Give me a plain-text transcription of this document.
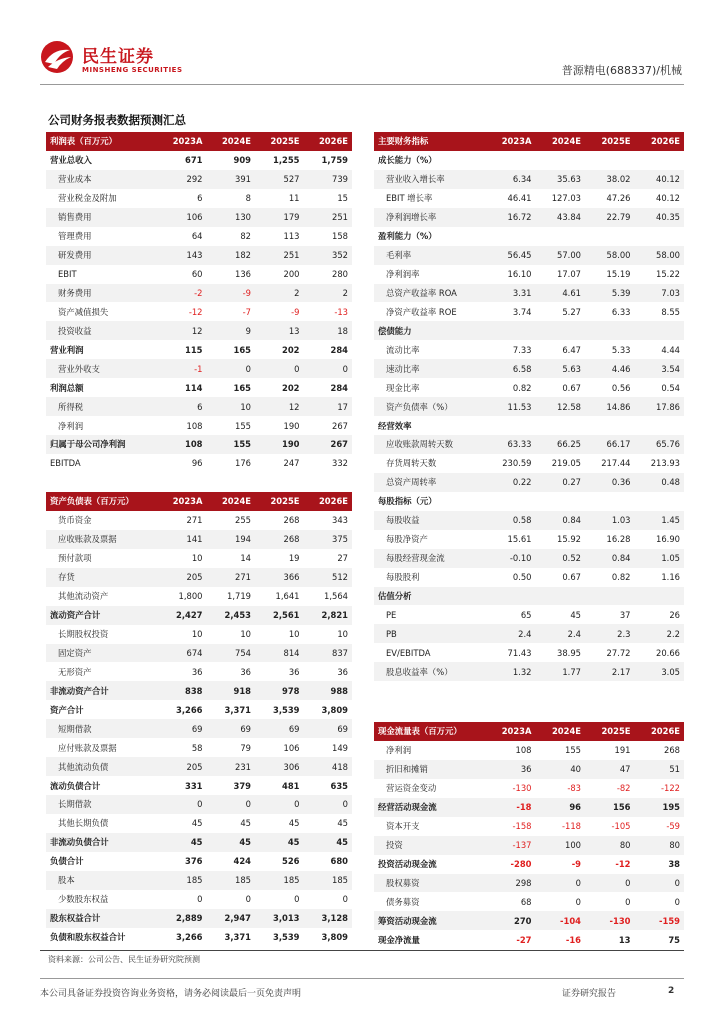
民生证券
MINSHENG SECURITIES	普源精电(688337)/机械
公司财务报表数据预测汇总
利润表（百万元）	2023A	2024E	2025E	2026E
营业总收入	671	909	1,255	1,759
营业成本	292	391	527	739
营业税金及附加	6	8	11	15
销售费用	106	130	179	251
管理费用	64	82	113	158
研发费用	143	182	251	352
EBIT	60	136	200	280
财务费用	-2	-9	2	2
资产减值损失	-12	-7	-9	-13
投资收益	12	9	13	18
营业利润	115	165	202	284
营业外收支	-1	0	0	0
利润总额	114	165	202	284
所得税	6	10	12	17
净利润	108	155	190	267
归属于母公司净利润	108	155	190	267
EBITDA	96	176	247	332
主要财务指标	2023A	2024E	2025E	2026E
成长能力（%）				
营业收入增长率	6.34	35.63	38.02	40.12
EBIT 增长率	46.41	127.03	47.26	40.12
净利润增长率	16.72	43.84	22.79	40.35
盈利能力（%）				
毛利率	56.45	57.00	58.00	58.00
净利润率	16.10	17.07	15.19	15.22
总资产收益率 ROA	3.31	4.61	5.39	7.03
净资产收益率 ROE	3.74	5.27	6.33	8.55
偿债能力				
流动比率	7.33	6.47	5.33	4.44
速动比率	6.58	5.63	4.46	3.54
现金比率	0.82	0.67	0.56	0.54
资产负债率（%）	11.53	12.58	14.86	17.86
经营效率				
应收账款周转天数	63.33	66.25	66.17	65.76
存货周转天数	230.59	219.05	217.44	213.93
总资产周转率	0.22	0.27	0.36	0.48
每股指标（元）				
每股收益	0.58	0.84	1.03	1.45
每股净资产	15.61	15.92	16.28	16.90
每股经营现金流	-0.10	0.52	0.84	1.05
每股股利	0.50	0.67	0.82	1.16
估值分析				
PE	65	45	37	26
PB	2.4	2.4	2.3	2.2
EV/EBITDA	71.43	38.95	27.72	20.66
股息收益率（%）	1.32	1.77	2.17	3.05
资产负债表（百万元）	2023A	2024E	2025E	2026E
货币资金	271	255	268	343
应收账款及票据	141	194	268	375
预付款项	10	14	19	27
存货	205	271	366	512
其他流动资产	1,800	1,719	1,641	1,564
流动资产合计	2,427	2,453	2,561	2,821
长期股权投资	10	10	10	10
固定资产	674	754	814	837
无形资产	36	36	36	36
非流动资产合计	838	918	978	988
资产合计	3,266	3,371	3,539	3,809
短期借款	69	69	69	69
应付账款及票据	58	79	106	149
其他流动负债	205	231	306	418
流动负债合计	331	379	481	635
长期借款	0	0	0	0
其他长期负债	45	45	45	45
非流动负债合计	45	45	45	45
负债合计	376	424	526	680
股本	185	185	185	185
少数股东权益	0	0	0	0
股东权益合计	2,889	2,947	3,013	3,128
负债和股东权益合计	3,266	3,371	3,539	3,809
现金流量表（百万元）	2023A	2024E	2025E	2026E
净利润	108	155	191	268
折旧和摊销	36	40	47	51
营运资金变动	-130	-83	-82	-122
经营活动现金流	-18	96	156	195
资本开支	-158	-118	-105	-59
投资	-137	100	80	80
投资活动现金流	-280	-9	-12	38
股权募资	298	0	0	0
债务募资	68	0	0	0
筹资活动现金流	270	-104	-130	-159
现金净流量	-27	-16	13	75
资料来源：公司公告、民生证券研究院预测
本公司具备证券投资咨询业务资格，请务必阅读最后一页免责声明	证券研究报告	2
